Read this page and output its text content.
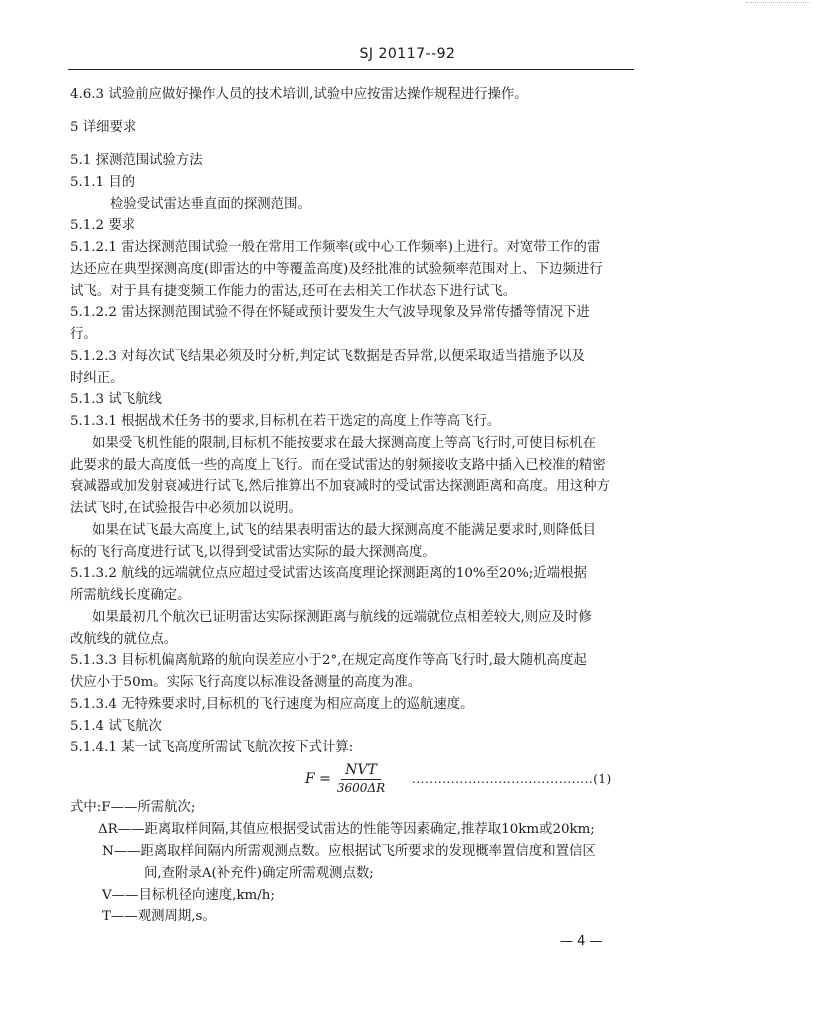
SJ 20117--92
4.6.3 试验前应做好操作人员的技术培训,试验中应按雷达操作规程进行操作。
5 详细要求
5.1 探测范围试验方法
5.1.1 目的
检验受试雷达垂直面的探测范围。
5.1.2 要求
5.1.2.1 雷达探测范围试验一般在常用工作频率(或中心工作频率)上进行。对宽带工作的雷
达还应在典型探测高度(即雷达的中等覆盖高度)及经批准的试验频率范围对上、下边频进行
试飞。对于具有捷变频工作能力的雷达,还可在去相关工作状态下进行试飞。
5.1.2.2 雷达探测范围试验不得在怀疑或预计要发生大气波导现象及异常传播等情况下进
行。
5.1.2.3 对每次试飞结果必须及时分析,判定试飞数据是否异常,以便采取适当措施予以及
时纠正。
5.1.3 试飞航线
5.1.3.1 根据战术任务书的要求,目标机在若干选定的高度上作等高飞行。
如果受飞机性能的限制,目标机不能按要求在最大探测高度上等高飞行时,可使目标机在
此要求的最大高度低一些的高度上飞行。而在受试雷达的射频接收支路中插入已校准的精密
衰减器或加发射衰减进行试飞,然后推算出不加衰减时的受试雷达探测距离和高度。用这种方
法试飞时,在试验报告中必须加以说明。
如果在试飞最大高度上,试飞的结果表明雷达的最大探测高度不能满足要求时,则降低目
标的飞行高度进行试飞,以得到受试雷达实际的最大探测高度。
5.1.3.2 航线的远端就位点应超过受试雷达该高度理论探测距离的10%至20%;近端根据
所需航线长度确定。
如果最初几个航次已证明雷达实际探测距离与航线的远端就位点相差较大,则应及时修
改航线的就位点。
5.1.3.3 目标机偏离航路的航向误差应小于2°,在规定高度作等高飞行时,最大随机高度起
伏应小于50m。实际飞行高度以标准设备测量的高度为准。
5.1.3.4 无特殊要求时,目标机的飞行速度为相应高度上的巡航速度。
5.1.4 试飞航次
5.1.4.1 某一试飞高度所需试飞航次按下式计算:
$F = \frac{\text{NVT}}{3600\Delta R} ..........................................(1)$
式中:F——所需航次;
ΔR——距离取样间隔,其值应根据受试雷达的性能等因素确定,推荐取10km或20km;
N——距离取样间隔内所需观测点数。应根据试飞所要求的发现概率置信度和置信区
间,查附录A(补充件)确定所需观测点数;
V——目标机径向速度,km/h;
T——观测周期,s。
— 4 —
